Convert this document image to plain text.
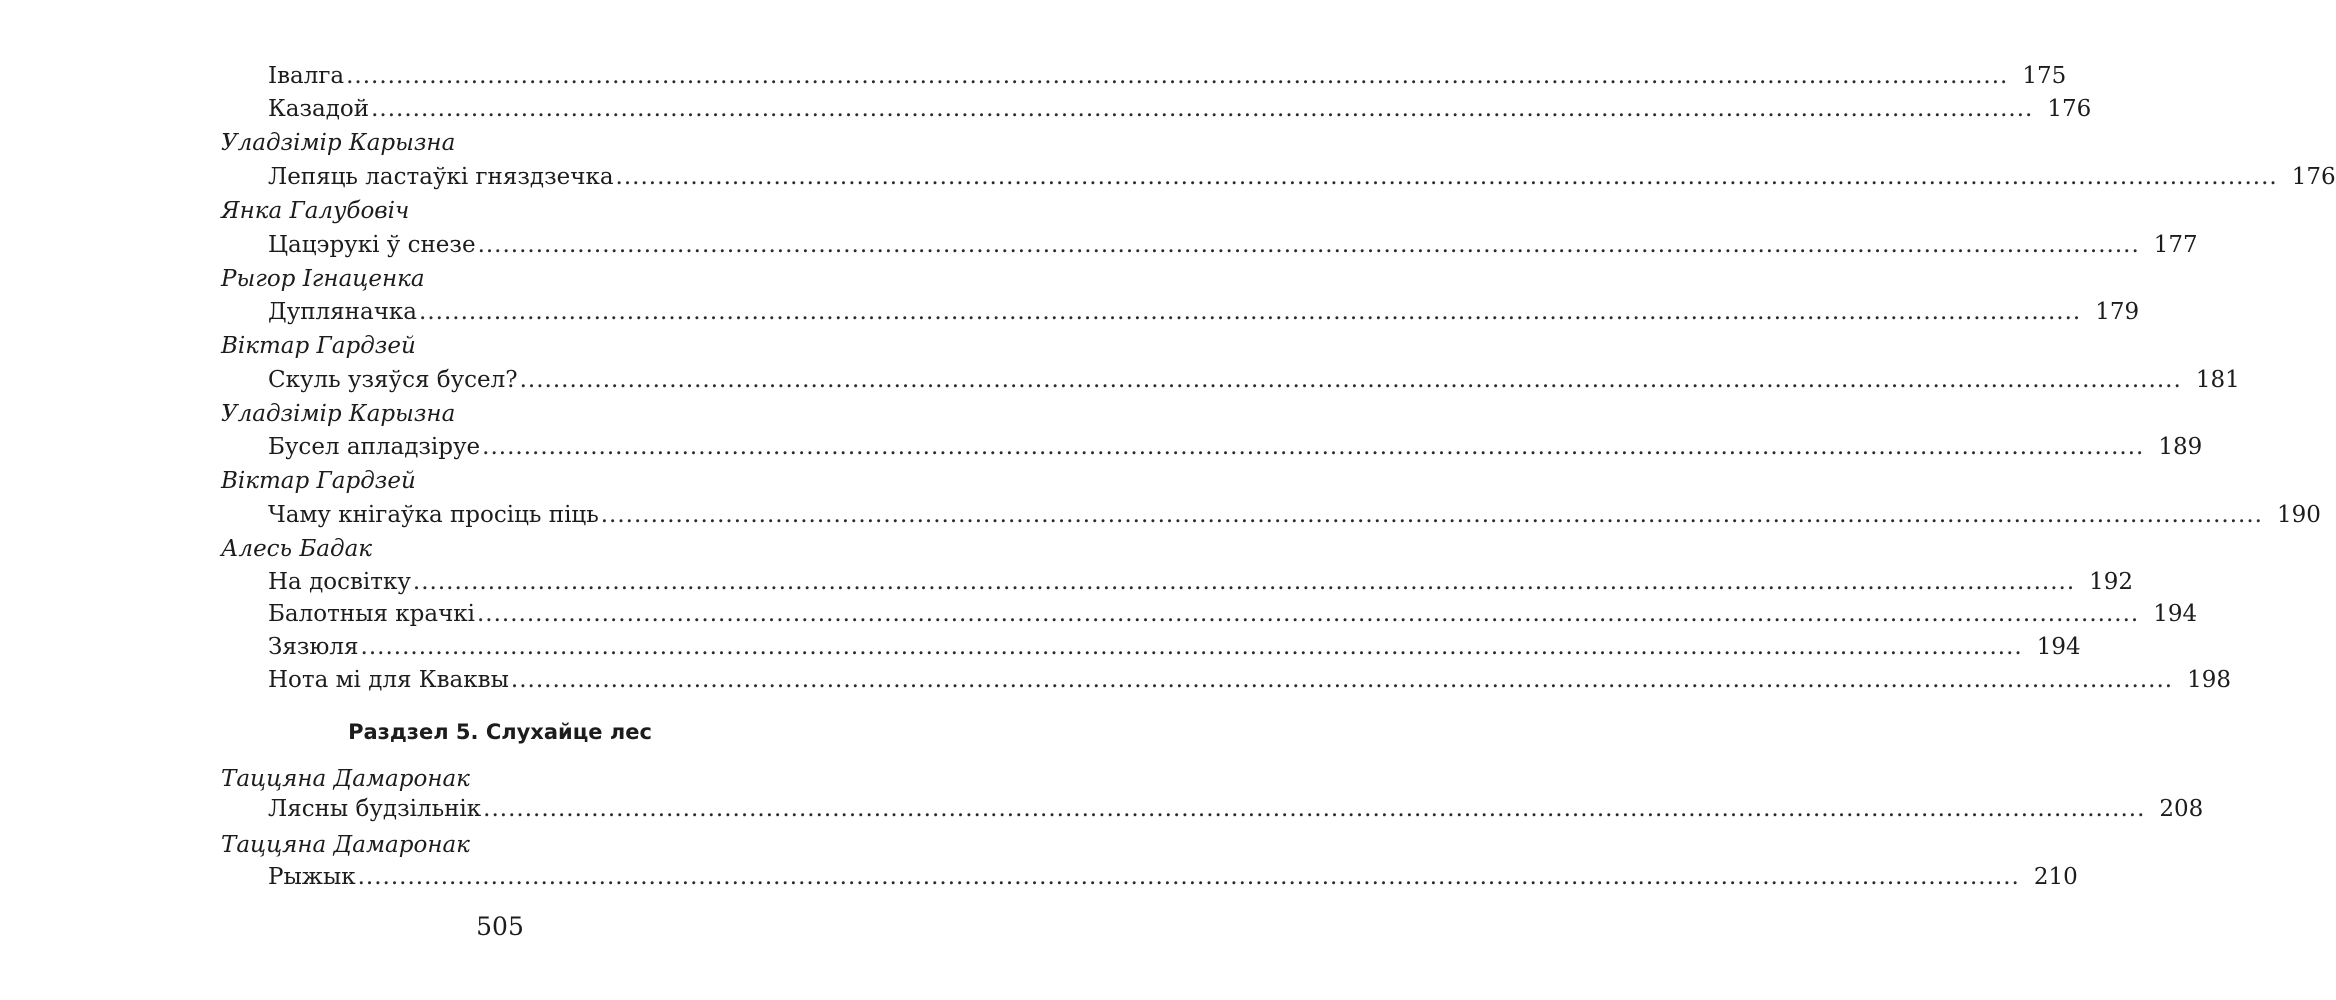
Івалга ........................................................................................................................................................................................................ 175
Казадой ........................................................................................................................................................................................................ 176
Уладзімір Карызна
Лепяць ластаўкі гняздзечка ........................................................................................................................................................................................................ 176
Янка Галубовіч
Цацэрукі ў снезе ........................................................................................................................................................................................................ 177
Рыгор Ігнаценка
Дупляначка ........................................................................................................................................................................................................ 179
Віктар Гардзей
Скуль узяўся бусел? ........................................................................................................................................................................................................ 181
Уладзімір Карызна
Бусел апладзіруе ........................................................................................................................................................................................................ 189
Віктар Гардзей
Чаму кнігаўка просіць піць ........................................................................................................................................................................................................ 190
Алесь Бадак
На досвітку ........................................................................................................................................................................................................ 192
Балотныя крачкі ........................................................................................................................................................................................................ 194
Зязюля ........................................................................................................................................................................................................ 194
Нота мі для Кваквы ........................................................................................................................................................................................................ 198
Раздзел 5. Слухайце лес
Таццяна Дамаронак
Лясны будзільнік ........................................................................................................................................................................................................ 208
Таццяна Дамаронак
Рыжык ........................................................................................................................................................................................................ 210
505
